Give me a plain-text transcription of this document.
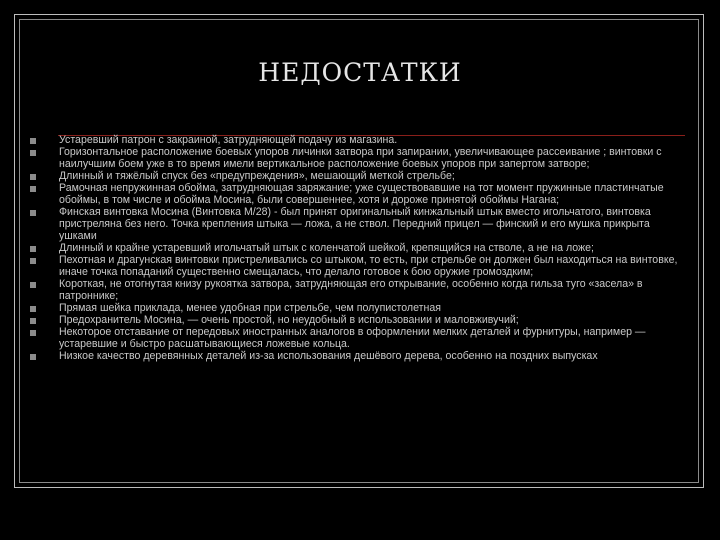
НЕДОСТАТКИ
Устаревший патрон с закраиной, затрудняющей подачу из магазина.
Горизонтальное расположение боевых упоров личинки затвора при запирании, увеличивающее рассеивание ; винтовки с наилучшим боем уже в то время имели вертикальное расположение боевых упоров при запертом затворе;
Длинный и тяжёлый спуск без «предупреждения», мешающий меткой стрельбе;
Рамочная непружинная обойма, затрудняющая заряжание; уже существовавшие на тот момент пружинные пластинчатые обоймы, в том числе и обойма Мосина, были совершеннее, хотя и дороже принятой обоймы Нагана;
Финская винтовка Мосина (Винтовка М/28) - был принят оригинальный кинжальный штык вместо игольчатого, винтовка пристреляна без него. Точка крепления штыка — ложа, а не ствол. Передний прицел — финский и его мушка прикрыта ушками
Длинный и крайне устаревший игольчатый штык с коленчатой шейкой, крепящийся на стволе, а не на ложе;
Пехотная и драгунская винтовки пристреливались со штыком, то есть, при стрельбе он должен был находиться на винтовке, иначе точка попаданий существенно смещалась, что делало готовое к бою оружие громоздким;
Короткая, не отогнутая книзу рукоятка затвора, затрудняющая его открывание, особенно когда гильза туго «засела» в патроннике;
Прямая шейка приклада, менее удобная при стрельбе, чем полупистолетная
Предохранитель Мосина, — очень простой, но неудобный в использовании и маловживучий;
Некоторое отставание от передовых иностранных аналогов в оформлении мелких деталей и фурнитуры, например — устаревшие и быстро расшатывающиеся ложевые кольца.
Низкое качество деревянных деталей из-за использования дешёвого дерева, особенно на поздних выпусках
